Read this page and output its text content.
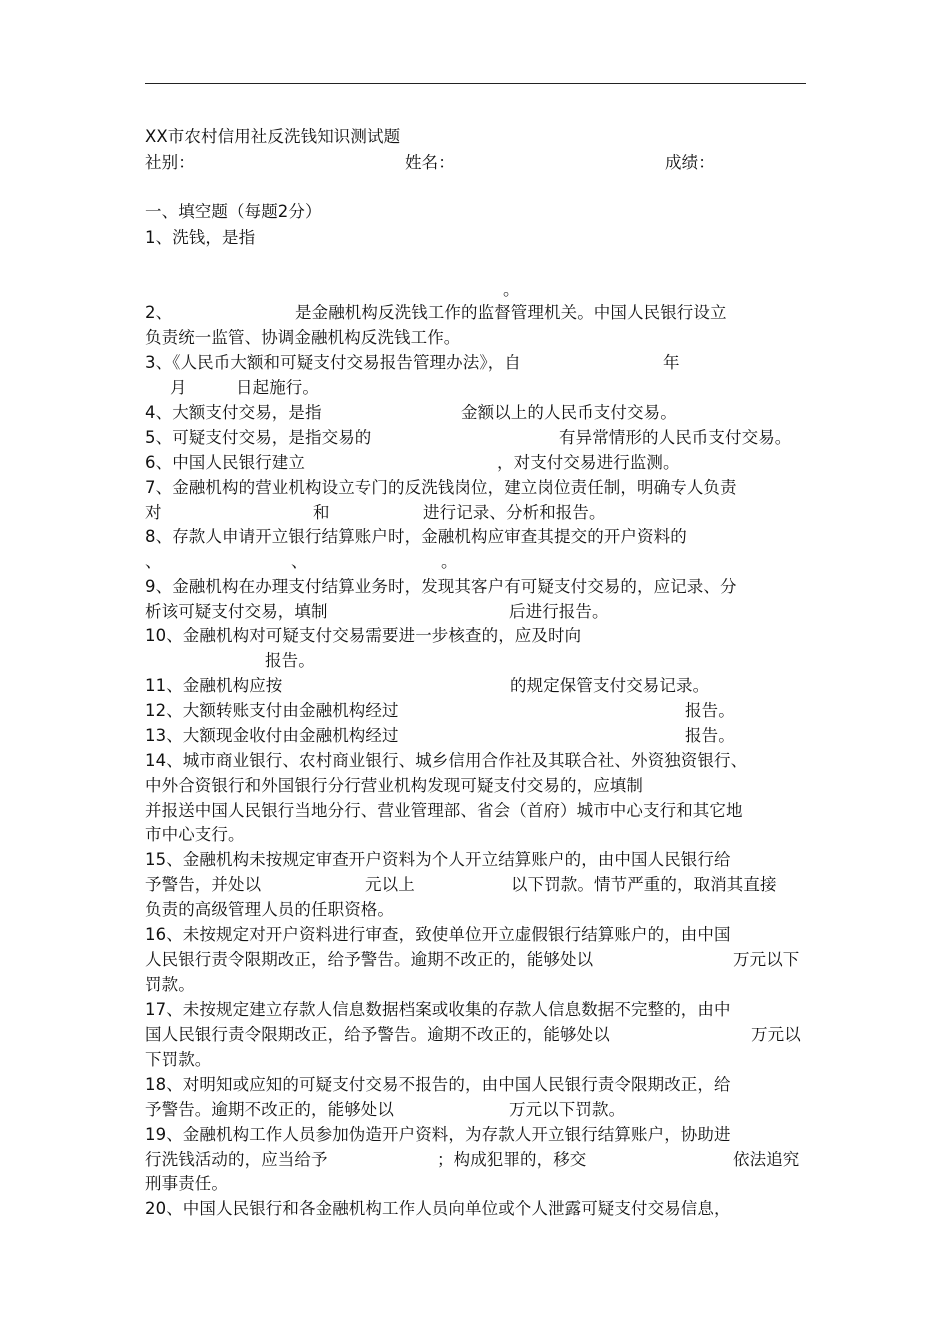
XX市农村信用社反洗钱知识测试题

社别：

	姓名：

	成绩：

一、填空题（每题2分）

1、洗钱，是指
。
2、	是金融机构反洗钱工作的监督管理机关。中国人民银行设立
负责统一监管、协调金融机构反洗钱工作。
3、《人民币大额和可疑支付交易报告管理办法》，自	年
月	日起施行。
4、大额支付交易，是指	金额以上的人民币支付交易。
5、可疑支付交易，是指交易的	有异常情形的人民币支付交易。
6、中国人民银行建立	，对支付交易进行监测。
7、金融机构的营业机构设立专门的反洗钱岗位，建立岗位责任制，明确专人负责
对	和	进行记录、分析和报告。
8、存款人申请开立银行结算账户时，金融机构应审查其提交的开户资料的
、	、	。
9、金融机构在办理支付结算业务时，发现其客户有可疑支付交易的，应记录、分
析该可疑支付交易，填制	后进行报告。
10、金融机构对可疑支付交易需要进一步核查的，应及时向
报告。
11、金融机构应按	的规定保管支付交易记录。
12、大额转账支付由金融机构经过	报告。
13、大额现金收付由金融机构经过	报告。
14、城市商业银行、农村商业银行、城乡信用合作社及其联合社、外资独资银行、
中外合资银行和外国银行分行营业机构发现可疑支付交易的，应填制
并报送中国人民银行当地分行、营业管理部、省会（首府）城市中心支行和其它地
市中心支行。
15、金融机构未按规定审查开户资料为个人开立结算账户的，由中国人民银行给
予警告，并处以	元以上	以下罚款。情节严重的，取消其直接
负责的高级管理人员的任职资格。
16、未按规定对开户资料进行审查，致使单位开立虚假银行结算账户的，由中国
人民银行责令限期改正，给予警告。逾期不改正的，能够处以	万元以下
罚款。
17、未按规定建立存款人信息数据档案或收集的存款人信息数据不完整的，由中
国人民银行责令限期改正，给予警告。逾期不改正的，能够处以	万元以
下罚款。
18、对明知或应知的可疑支付交易不报告的，由中国人民银行责令限期改正，给
予警告。逾期不改正的，能够处以	万元以下罚款。
19、金融机构工作人员参加伪造开户资料，为存款人开立银行结算账户，协助进
行洗钱活动的，应当给予	；构成犯罪的，移交	依法追究
刑事责任。
20、中国人民银行和各金融机构工作人员向单位或个人泄露可疑支付交易信息，
